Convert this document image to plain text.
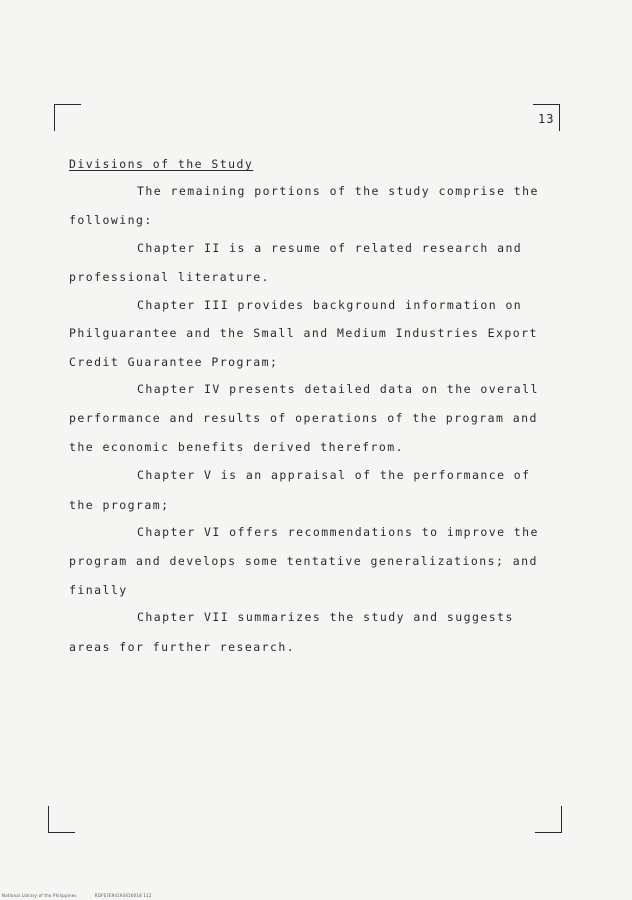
13
Divisions of the Study
The remaining portions of the study comprise the
following:
Chapter II is a resume of related research and
professional literature.
Chapter III provides background information on
Philguarantee and the Small and Medium Industries Export
Credit Guarantee Program;
Chapter IV presents detailed data on the overall
performance and results of operations of the program and
the economic benefits derived therefrom.
Chapter V is an appraisal of the performance of
the program;
Chapter VI offers recommendations to improve the
program and develops some tentative generalizations; and
finally
Chapter VII summarizes the study and suggests
areas for further research.
National Library of the Philippines	RDF67E94193416018 112
